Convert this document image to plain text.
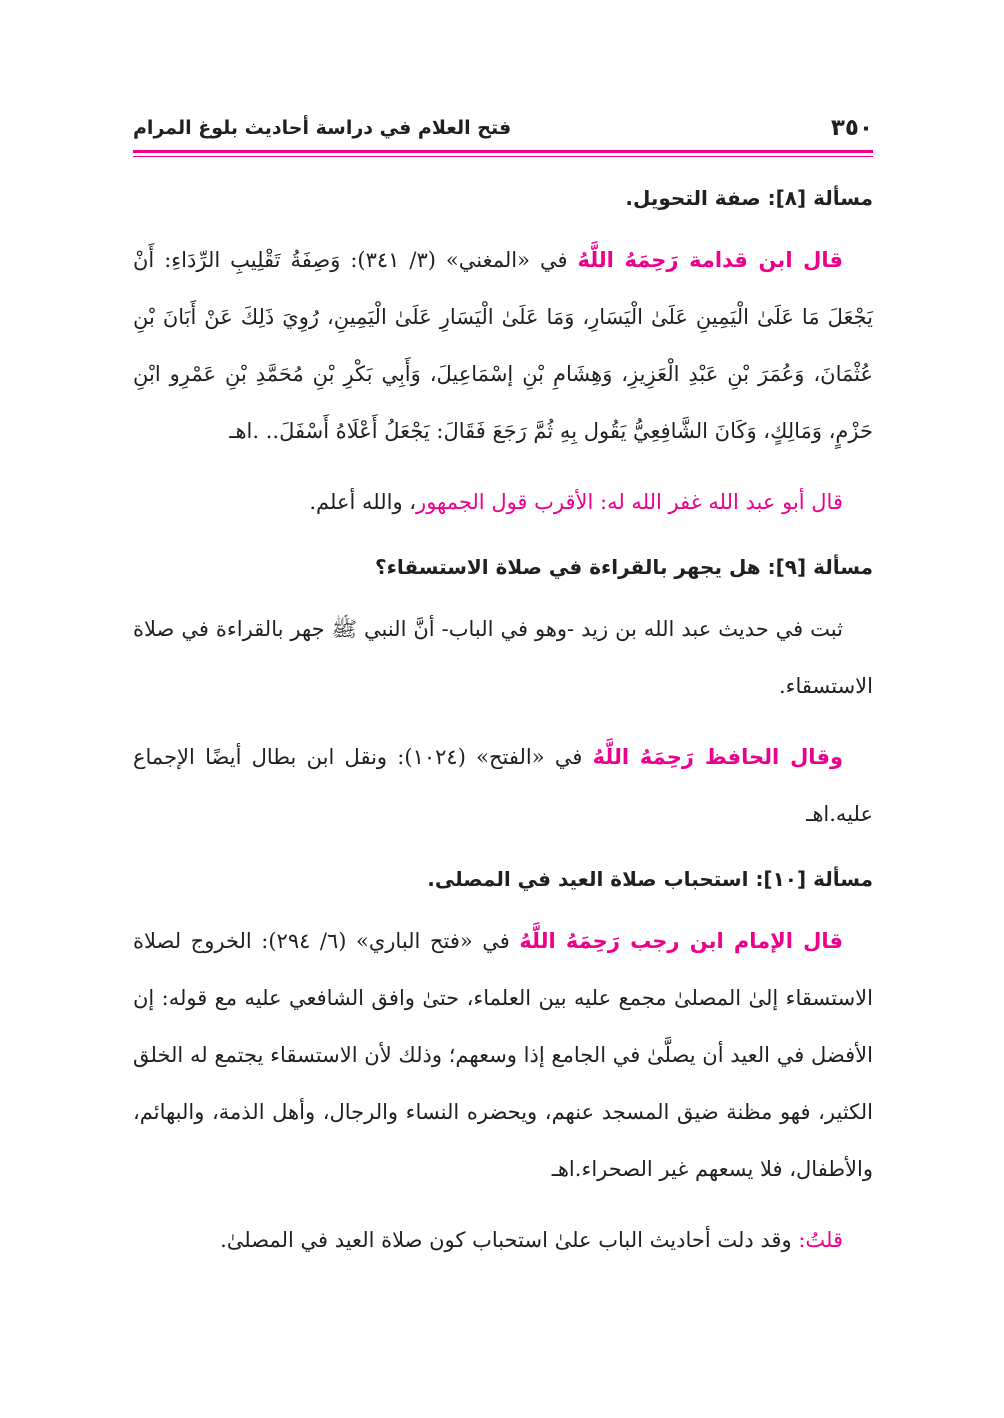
٣٥٠
فتح العلام في دراسة أحاديث بلوغ المرام

مسألة [٨]: صفة التحويل.

قال ابن قدامة رَحِمَهُ اللَّهُ في «المغني» (٣/ ٣٤١): وَصِفَةُ تَقْلِيبِ الرِّدَاءِ: أَنْ يَجْعَلَ مَا عَلَىٰ الْيَمِينِ عَلَىٰ الْيَسَارِ، وَمَا عَلَىٰ الْيَسَارِ عَلَىٰ الْيَمِينِ، رُوِيَ ذَلِكَ عَنْ أَبَانَ بْنِ عُثْمَانَ، وَعُمَرَ بْنِ عَبْدِ الْعَزِيزِ، وَهِشَامِ بْنِ إسْمَاعِيلَ، وَأَبِي بَكْرِ بْنِ مُحَمَّدِ بْنِ عَمْرِو ابْنِ حَزْمٍ، وَمَالِكٍ، وَكَانَ الشَّافِعِيُّ يَقُول بِهِ ثُمَّ رَجَعَ فَقَالَ: يَجْعَلُ أَعْلَاهُ أَسْفَلَ.. .اهـ

قال أبو عبد الله غفر الله له: الأقرب قول الجمهور، والله أعلم.

مسألة [٩]: هل يجهر بالقراءة في صلاة الاستسقاء؟

ثبت في حديث عبد الله بن زيد -وهو في الباب- أنَّ النبي ﷺ جهر بالقراءة في صلاة الاستسقاء.

وقال الحافظ رَحِمَهُ اللَّهُ في «الفتح» (١٠٢٤): ونقل ابن بطال أيضًا الإجماع عليه.اهـ

مسألة [١٠]: استحباب صلاة العيد في المصلى.

قال الإمام ابن رجب رَحِمَهُ اللَّهُ في «فتح الباري» (٦/ ٢٩٤): الخروج لصلاة الاستسقاء إلىٰ المصلىٰ مجمع عليه بين العلماء، حتىٰ وافق الشافعي عليه مع قوله: إن الأفضل في العيد أن يصلَّىٰ في الجامع إذا وسعهم؛ وذلك لأن الاستسقاء يجتمع له الخلق الكثير، فهو مظنة ضيق المسجد عنهم، ويحضره النساء والرجال، وأهل الذمة، والبهائم، والأطفال، فلا يسعهم غير الصحراء.اهـ

قلتُ: وقد دلت أحاديث الباب علىٰ استحباب كون صلاة العيد في المصلىٰ.
